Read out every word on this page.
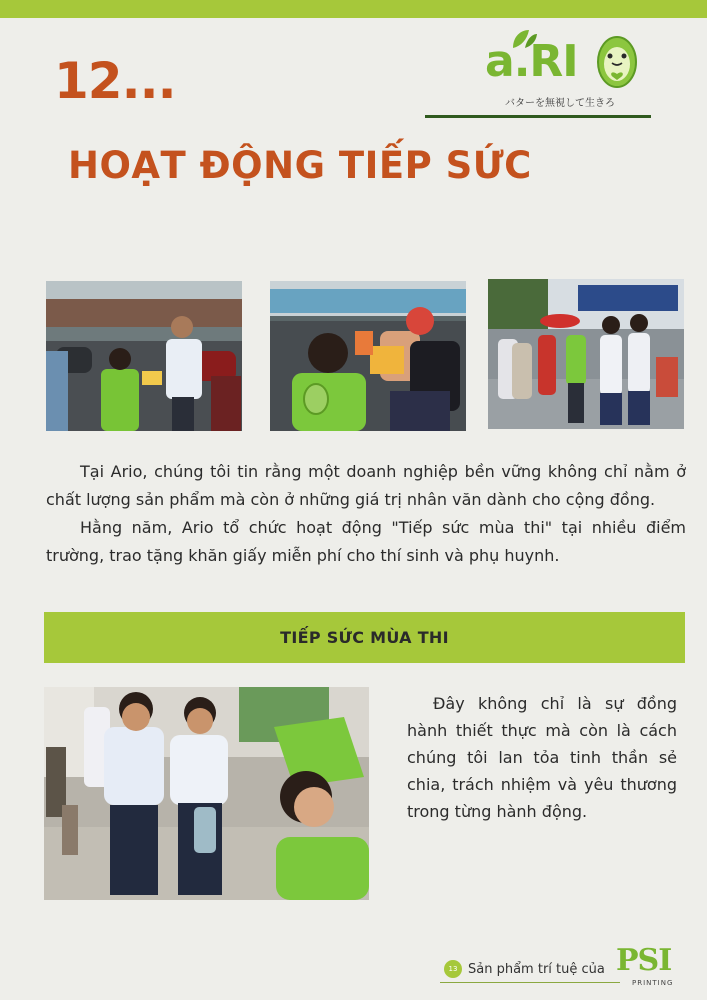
12...	a.RI
バターを無視して生きろ
HOẠT ĐỘNG TIẾP SỨC

Tại Ario, chúng tôi tin rằng một doanh nghiệp bền vững không chỉ nằm ở chất lượng sản phẩm mà còn ở những giá trị nhân văn dành cho cộng đồng.

Hằng năm, Ario tổ chức hoạt động "Tiếp sức mùa thi" tại nhiều điểm trường, trao tặng khăn giấy miễn phí cho thí sinh và phụ huynh.

TIẾP SỨC MÙA THI
Đây không chỉ là sự đồng hành thiết thực mà còn là cách chúng tôi lan tỏa tinh thần sẻ chia, trách nhiệm và yêu thương trong từng hành động.
13 Sản phẩm trí tuệ của PSI
PRINTING
